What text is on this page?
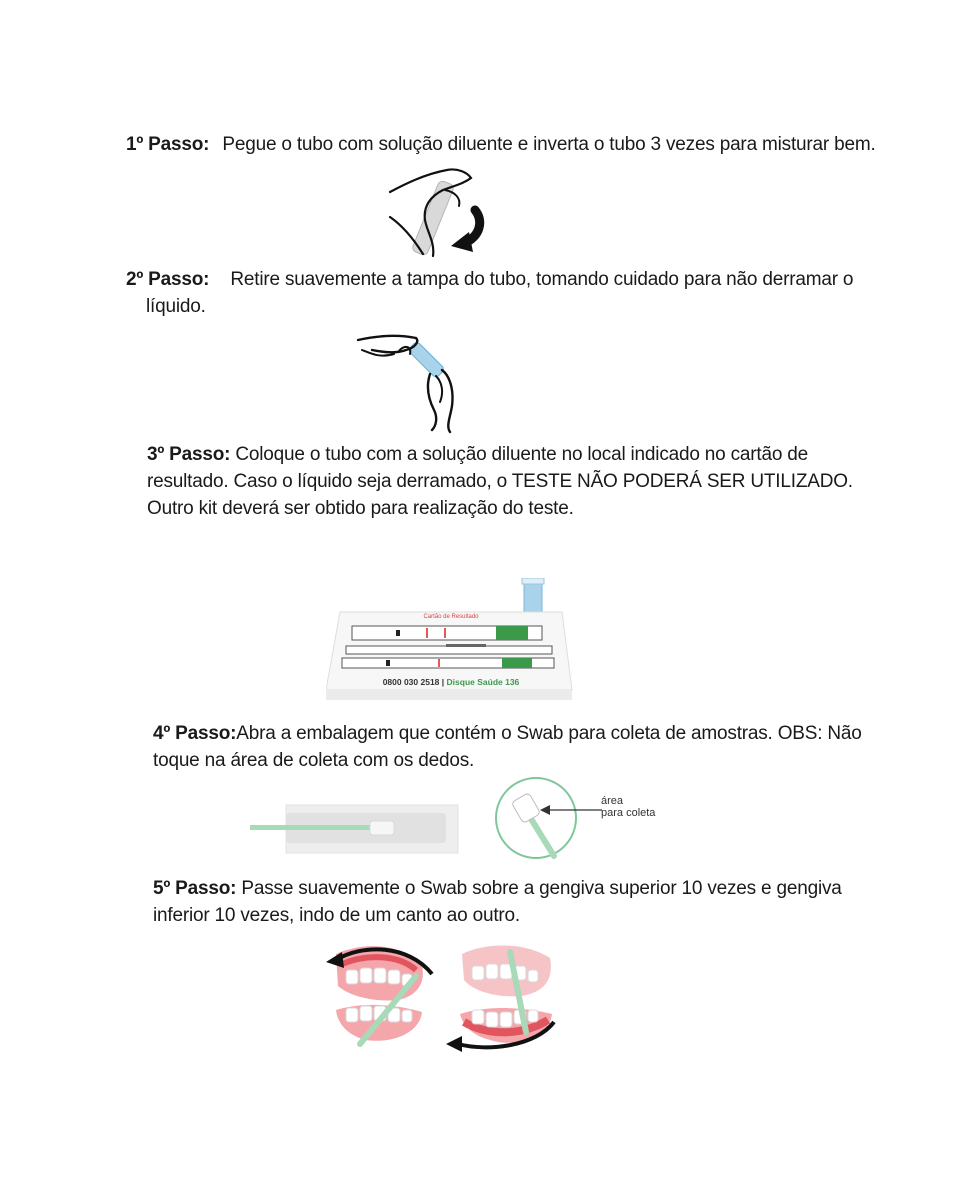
1º Passo: Pegue o tubo com solução diluente e inverta o tubo 3 vezes para misturar bem.
2º Passo: Retire suavemente a tampa do tubo, tomando cuidado para não derramar o
líquido.
3º Passo: Coloque o tubo com a solução diluente no local indicado no cartão de
resultado. Caso o líquido seja derramado, o TESTE NÃO PODERÁ SER UTILIZADO.
Outro kit deverá ser obtido para realização do teste.
Cartão de Resultado
0800 030 2518 | Disque Saúde 136
4º Passo:Abra a embalagem que contém o Swab para coleta de amostras. OBS: Não
toque na área de coleta com os dedos.
área
para coleta
5º Passo: Passe suavemente o Swab sobre a gengiva superior 10 vezes e gengiva
inferior 10 vezes, indo de um canto ao outro.
